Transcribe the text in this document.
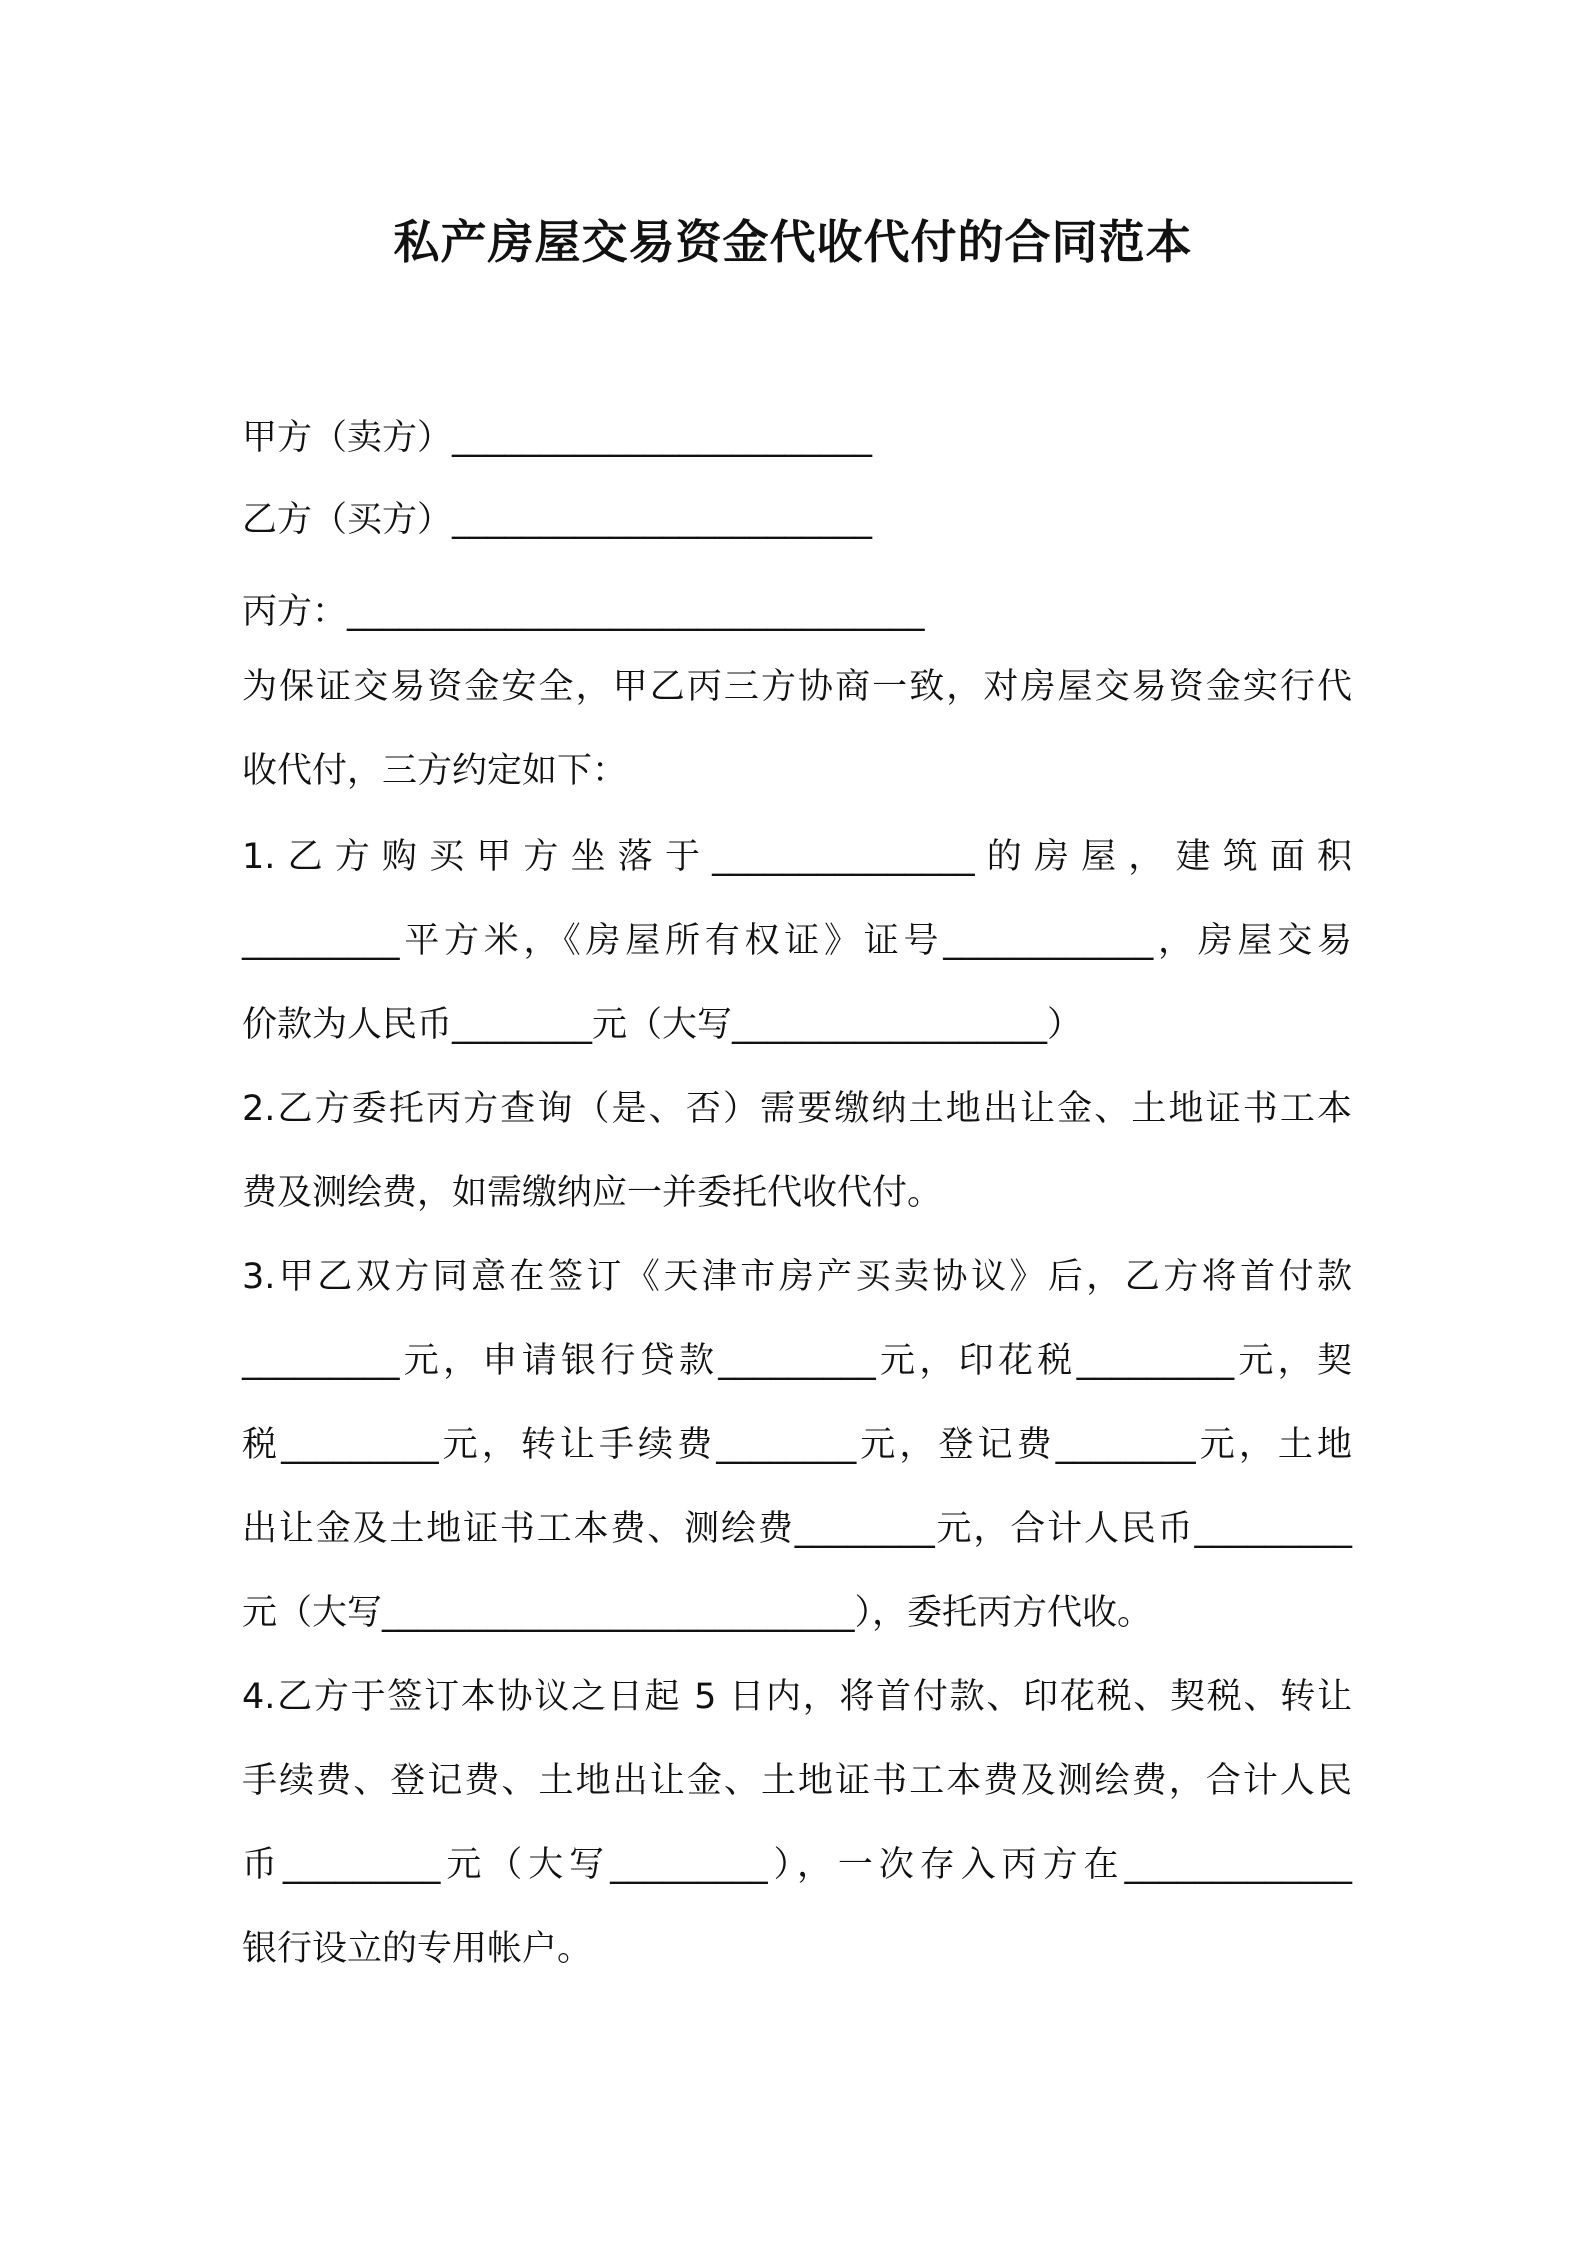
私产房屋交易资金代收代付的合同范本
甲方（卖方）________________________
乙方（买方）________________________
丙方：_________________________________
为保证交易资金安全，甲乙丙三方协商一致，对房屋交易资金实行代
收代付，三方约定如下：
1.乙方购买甲方坐落于_______________的房屋，建筑面积
_________平方米，《房屋所有权证》证号____________，房屋交易
价款为人民币________元（大写__________________）
2.乙方委托丙方查询（是、否）需要缴纳土地出让金、土地证书工本
费及测绘费，如需缴纳应一并委托代收代付。
3.甲乙双方同意在签订《天津市房产买卖协议》后，乙方将首付款
_________元，申请银行贷款_________元，印花税_________元，契
税_________元，转让手续费________元，登记费________元，土地
出让金及土地证书工本费、测绘费________元，合计人民币_________
元（大写___________________________），委托丙方代收。
4.乙方于签订本协议之日起 5 日内，将首付款、印花税、契税、转让
手续费、登记费、土地出让金、土地证书工本费及测绘费，合计人民
币_________元（大写_________），一次存入丙方在_____________
银行设立的专用帐户。
